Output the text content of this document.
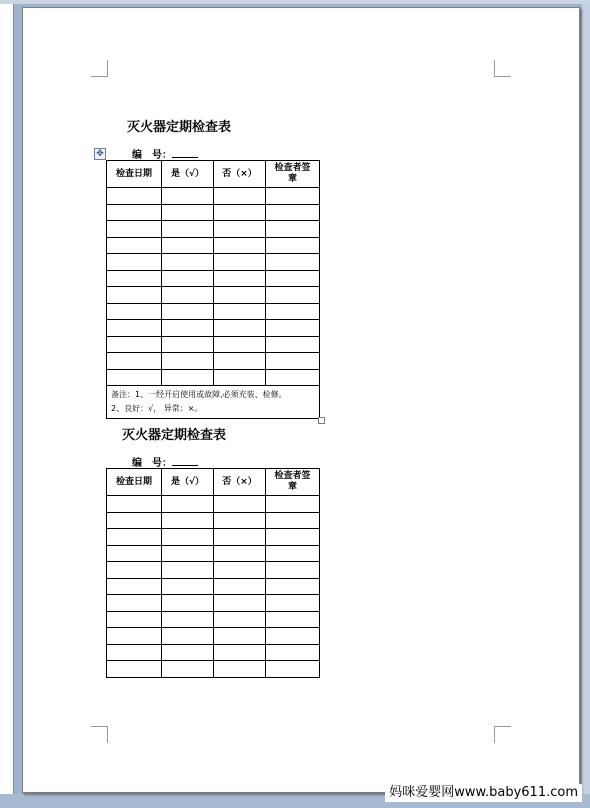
灭火器定期检查表
编　号：
✥
检查日期	是（√）	否（×）	检查者签章

备注：1、一经开启使用或故障,必须充装、检修。
2、良好：√， 异常：×。			
灭火器定期检查表
编　号：
检查日期	是（√）	否（×）	检查者签章

妈咪爱婴网www.baby611.com
